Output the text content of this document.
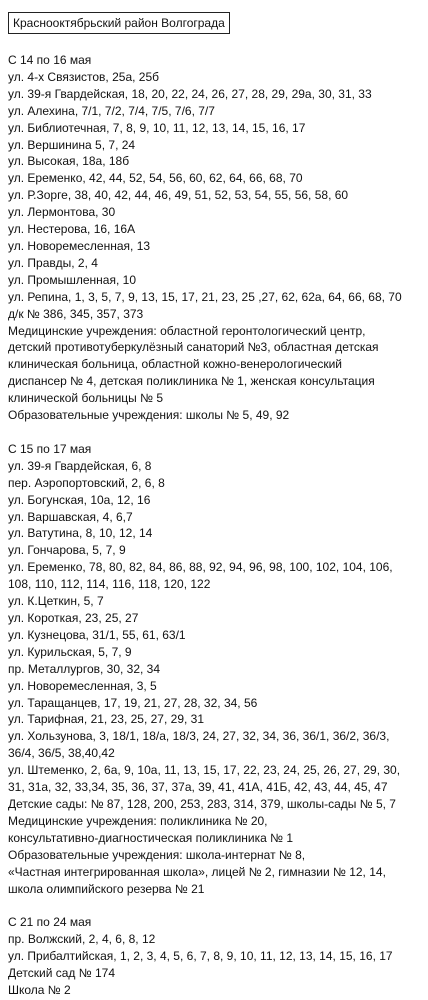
Красноoктябрьский район Волгограда
С 14 по 16 мая
ул. 4-х Связистов, 25а, 25б
ул. 39-я Гвардейская, 18, 20, 22, 24, 26, 27, 28, 29, 29а, 30, 31, 33
ул. Алехина, 7/1, 7/2, 7/4, 7/5, 7/6, 7/7
ул. Библиотечная, 7, 8, 9, 10, 11, 12, 13, 14, 15, 16, 17
ул. Вершинина 5, 7, 24
ул. Высокая, 18а, 18б
ул. Еременко, 42, 44, 52, 54, 56, 60, 62, 64, 66, 68, 70
ул. Р.Зорге, 38, 40, 42, 44, 46, 49, 51, 52, 53, 54, 55, 56, 58, 60
ул. Лермонтова, 30
ул. Нестерова, 16, 16А
ул. Новоремесленная, 13
ул. Правды, 2, 4
ул. Промышленная, 10
ул. Репина, 1, 3, 5, 7, 9, 13, 15, 17, 21, 23, 25 ,27, 62, 62а, 64, 66, 68, 70
д/к № 386, 345, 357, 373
Медицинские учреждения: областной геронтологический центр,
детский противотуберкулёзный санаторий №3, областная детская
клиническая больница, областной кожно-венерологический
диспансер № 4, детская поликлиника № 1, женская консультация
клинической больницы № 5
Образовательные учреждения: школы № 5, 49, 92
С 15 по 17 мая
ул. 39-я Гвардейская, 6, 8
пер. Аэропортовский, 2, 6, 8
ул. Богунская, 10а, 12, 16
ул. Варшавская, 4, 6,7
ул. Ватутина, 8, 10, 12, 14
ул. Гончарова, 5, 7, 9
ул. Еременко, 78, 80, 82, 84, 86, 88, 92, 94, 96, 98, 100, 102, 104, 106,
108, 110, 112, 114, 116, 118, 120, 122
ул. К.Цеткин, 5, 7
ул. Короткая, 23, 25, 27
ул. Кузнецова, 31/1, 55, 61, 63/1
ул. Курильская, 5, 7, 9
пр. Металлургов, 30, 32, 34
ул. Новоремесленная, 3, 5
ул. Таращанцев, 17, 19, 21, 27, 28, 32, 34, 56
ул. Тарифная, 21, 23, 25, 27, 29, 31
ул. Хользунова, 3, 18/1, 18/а, 18/3, 24, 27, 32, 34, 36, 36/1, 36/2, 36/3,
36/4, 36/5, 38,40,42
ул. Штеменко, 2, 6а, 9, 10а, 11, 13, 15, 17, 22, 23, 24, 25, 26, 27, 29, 30,
31, 31а, 32, 33,34, 35, 36, 37, 37а, 39, 41, 41А, 41Б, 42, 43, 44, 45, 47
Детские сады: № 87, 128, 200, 253, 283, 314, 379, школы-сады № 5, 7
Медицинские учреждения: поликлиника № 20,
консультативно-диагностическая поликлиника № 1
Образовательные учреждения: школа-интернат № 8,
«Частная интегрированная школа», лицей № 2, гимназии № 12, 14,
школа олимпийского резерва № 21
С 21 по 24 мая
пр. Волжский, 2, 4, 6, 8, 12
ул. Прибалтийская, 1, 2, 3, 4, 5, 6, 7, 8, 9, 10, 11, 12, 13, 14, 15, 16, 17
Детский сад № 174
Школа № 2
